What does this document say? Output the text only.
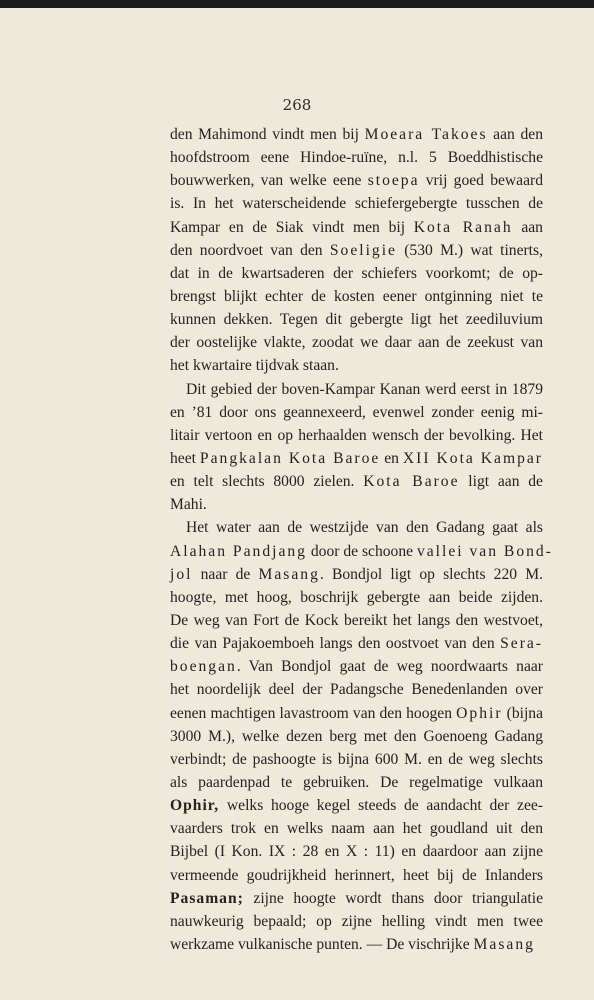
268
den Mahimond vindt men bij Moeara Takoes aan den
hoofdstroom eene Hindoe-ruïne, n.l. 5 Boeddhistische
bouwwerken, van welke eene stoepa vrij goed bewaard
is. In het waterscheidende schiefergebergte tusschen de
Kampar en de Siak vindt men bij Kota Ranah aan
den noordvoet van den Soeligie (530 M.) wat tinerts,
dat in de kwartsaderen der schiefers voorkomt; de op-
brengst blijkt echter de kosten eener ontginning niet te
kunnen dekken. Tegen dit gebergte ligt het zeediluvium
der oostelijke vlakte, zoodat we daar aan de zeekust van
het kwartaire tijdvak staan.
Dit gebied der boven-Kampar Kanan werd eerst in 1879
en ’81 door ons geannexeerd, evenwel zonder eenig mi-
litair vertoon en op herhaalden wensch der bevolking. Het
heet Pangkalan Kota Baroe en XII Kota Kampar
en telt slechts 8000 zielen. Kota Baroe ligt aan de
Mahi.
Het water aan de westzijde van den Gadang gaat als
Alahan Pandjang door de schoone vallei van Bond-
jol naar de Masang. Bondjol ligt op slechts 220 M.
hoogte, met hoog, boschrijk gebergte aan beide zijden.
De weg van Fort de Kock bereikt het langs den westvoet,
die van Pajakoemboeh langs den oostvoet van den Sera-
boengan. Van Bondjol gaat de weg noordwaarts naar
het noordelijk deel der Padangsche Benedenlanden over
eenen machtigen lavastroom van den hoogen Ophir (bijna
3000 M.), welke dezen berg met den Goenoeng Gadang
verbindt; de pashoogte is bijna 600 M. en de weg slechts
als paardenpad te gebruiken. De regelmatige vulkaan
Ophir, welks hooge kegel steeds de aandacht der zee-
vaarders trok en welks naam aan het goudland uit den
Bijbel (I Kon. IX : 28 en X : 11) en daardoor aan zijne
vermeende goudrijkheid herinnert, heet bij de Inlanders
Pasaman; zijne hoogte wordt thans door triangulatie
nauwkeurig bepaald; op zijne helling vindt men twee
werkzame vulkanische punten. — De vischrijke Masang
